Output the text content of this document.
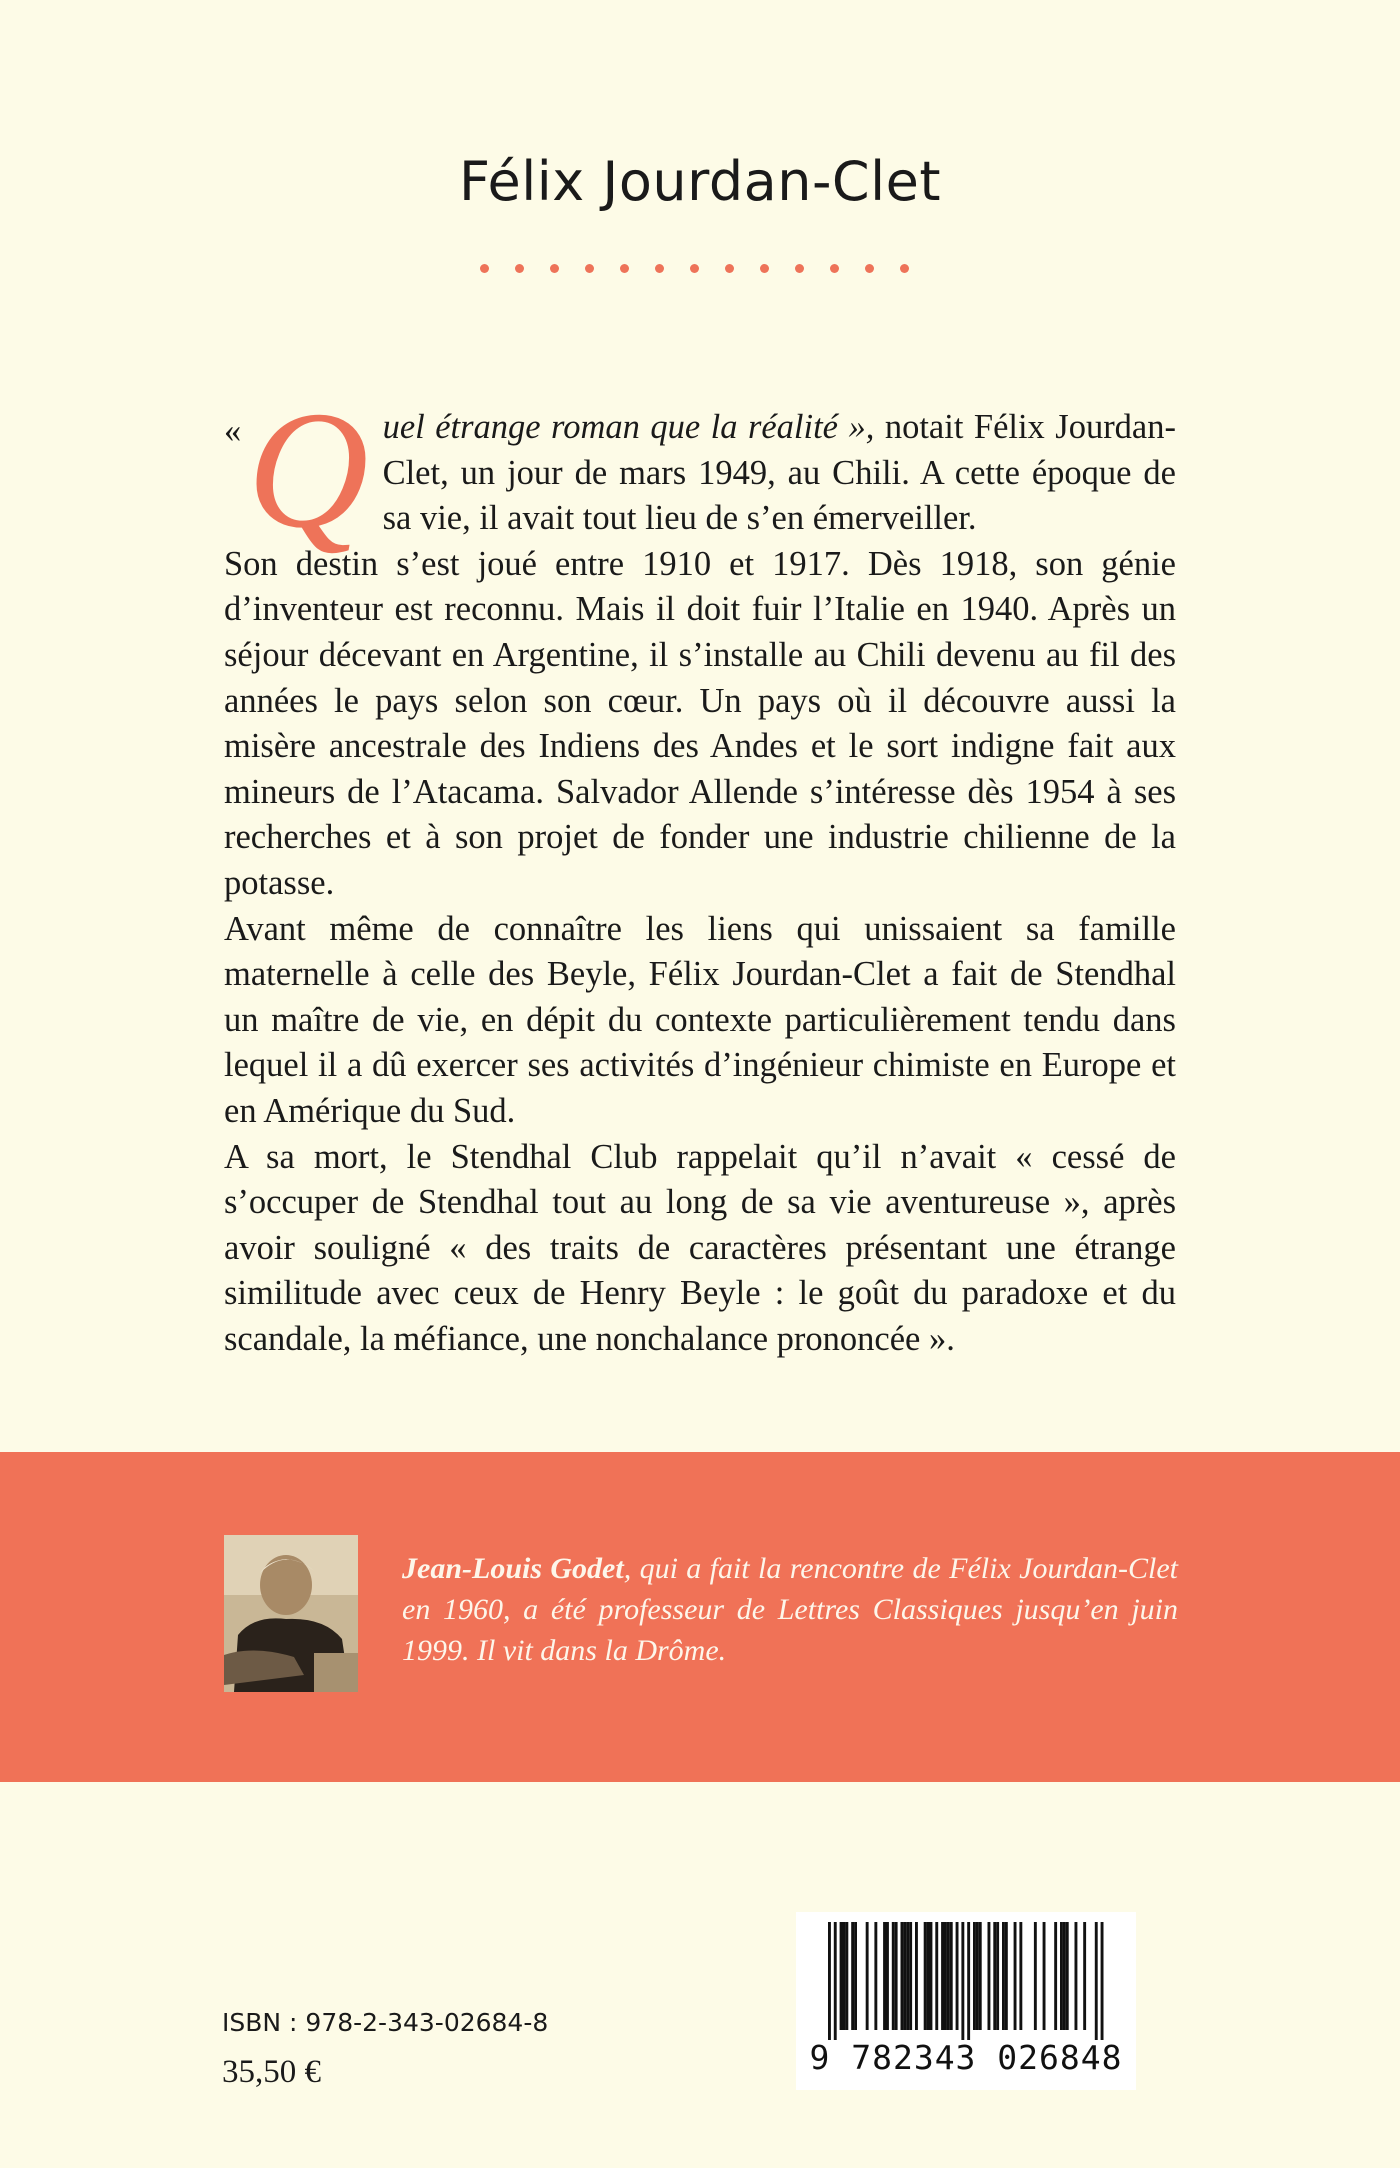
Félix Jourdan-Clet

« Q uel étrange roman que la réalité », notait Félix Jourdan-Clet, un jour de mars 1949, au Chili. A cette époque de sa vie, il avait tout lieu de s’en émerveiller.

Son destin s’est joué entre 1910 et 1917. Dès 1918, son génie d’inventeur est reconnu. Mais il doit fuir l’Italie en 1940. Après un séjour décevant en Argentine, il s’installe au Chili devenu au fil des années le pays selon son cœur. Un pays où il découvre aussi la misère ancestrale des Indiens des Andes et le sort indigne fait aux mineurs de l’Atacama. Salvador Allende s’intéresse dès 1954 à ses recherches et à son projet de fonder une industrie chilienne de la potasse.

Avant même de connaître les liens qui unissaient sa famille maternelle à celle des Beyle, Félix Jourdan-Clet a fait de Stendhal un maître de vie, en dépit du contexte particulièrement tendu dans lequel il a dû exercer ses activités d’ingénieur chimiste en Europe et en Amérique du Sud.

A sa mort, le Stendhal Club rappelait qu’il n’avait « cessé de s’occuper de Stendhal tout au long de sa vie aventureuse », après avoir souligné « des traits de caractères présentant une étrange similitude avec ceux de Henry Beyle : le goût du paradoxe et du scandale, la méfiance, une nonchalance prononcée ».

Jean-Louis Godet, qui a fait la rencontre de Félix Jourdan-Clet en 1960, a été professeur de Lettres Classiques jusqu’en juin 1999. Il vit dans la Drôme.
ISBN : 978-2-343-02684-8
35,50 €	9 782343 026848
